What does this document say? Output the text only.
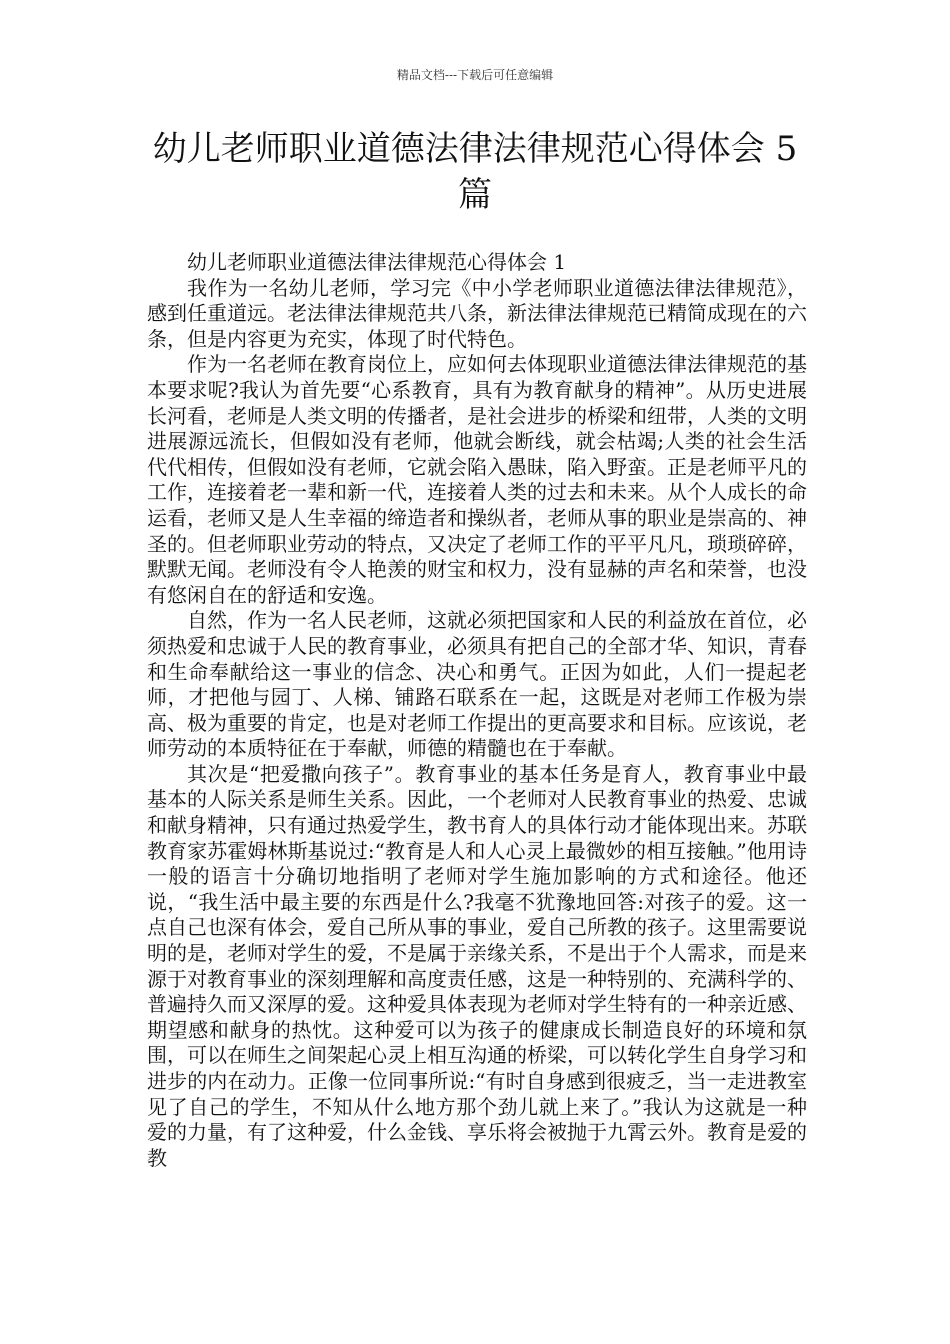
精品文档---下载后可任意编辑
幼儿老师职业道德法律法律规范心得体会 5 篇

幼儿老师职业道德法律法律规范心得体会 1

我作为一名幼儿老师，学习完《中小学老师职业道德法律法律规范》，感到任重道远。老法律法律规范共八条，新法律法律规范已精简成现在的六条，但是内容更为充实，体现了时代特色。

作为一名老师在教育岗位上，应如何去体现职业道德法律法律规范的基本要求呢?我认为首先要“心系教育，具有为教育献身的精神”。从历史进展长河看，老师是人类文明的传播者，是社会进步的桥梁和纽带，人类的文明进展源远流长，但假如没有老师，他就会断线，就会枯竭;人类的社会生活代代相传，但假如没有老师，它就会陷入愚昧，陷入野蛮。正是老师平凡的工作，连接着老一辈和新一代，连接着人类的过去和未来。从个人成长的命运看，老师又是人生幸福的缔造者和操纵者，老师从事的职业是崇高的、神圣的。但老师职业劳动的特点，又决定了老师工作的平平凡凡，琐琐碎碎，默默无闻。老师没有令人艳羡的财宝和权力，没有显赫的声名和荣誉，也没有悠闲自在的舒适和安逸。

自然，作为一名人民老师，这就必须把国家和人民的利益放在首位，必须热爱和忠诚于人民的教育事业，必须具有把自己的全部才华、知识，青春和生命奉献给这一事业的信念、决心和勇气。正因为如此，人们一提起老师，才把他与园丁、人梯、铺路石联系在一起，这既是对老师工作极为崇高、极为重要的肯定，也是对老师工作提出的更高要求和目标。应该说，老师劳动的本质特征在于奉献，师德的精髓也在于奉献。

其次是“把爱撒向孩子”。教育事业的基本任务是育人，教育事业中最基本的人际关系是师生关系。因此，一个老师对人民教育事业的热爱、忠诚和献身精神，只有通过热爱学生，教书育人的具体行动才能体现出来。苏联教育家苏霍姆林斯基说过:“教育是人和人心灵上最微妙的相互接触。”他用诗一般的语言十分确切地指明了老师对学生施加影响的方式和途径。他还说，“我生活中最主要的东西是什么?我毫不犹豫地回答:对孩子的爱。这一点自己也深有体会，爱自己所从事的事业，爱自己所教的孩子。这里需要说明的是，老师对学生的爱，不是属于亲缘关系，不是出于个人需求，而是来源于对教育事业的深刻理解和高度责任感，这是一种特别的、充满科学的、普遍持久而又深厚的爱。这种爱具体表现为老师对学生特有的一种亲近感、期望感和献身的热忱。这种爱可以为孩子的健康成长制造良好的环境和氛围，可以在师生之间架起心灵上相互沟通的桥梁，可以转化学生自身学习和进步的内在动力。正像一位同事所说:“有时自身感到很疲乏，当一走进教室见了自己的学生，不知从什么地方那个劲儿就上来了。”我认为这就是一种爱的力量，有了这种爱，什么金钱、享乐将会被抛于九霄云外。教育是爱的教
